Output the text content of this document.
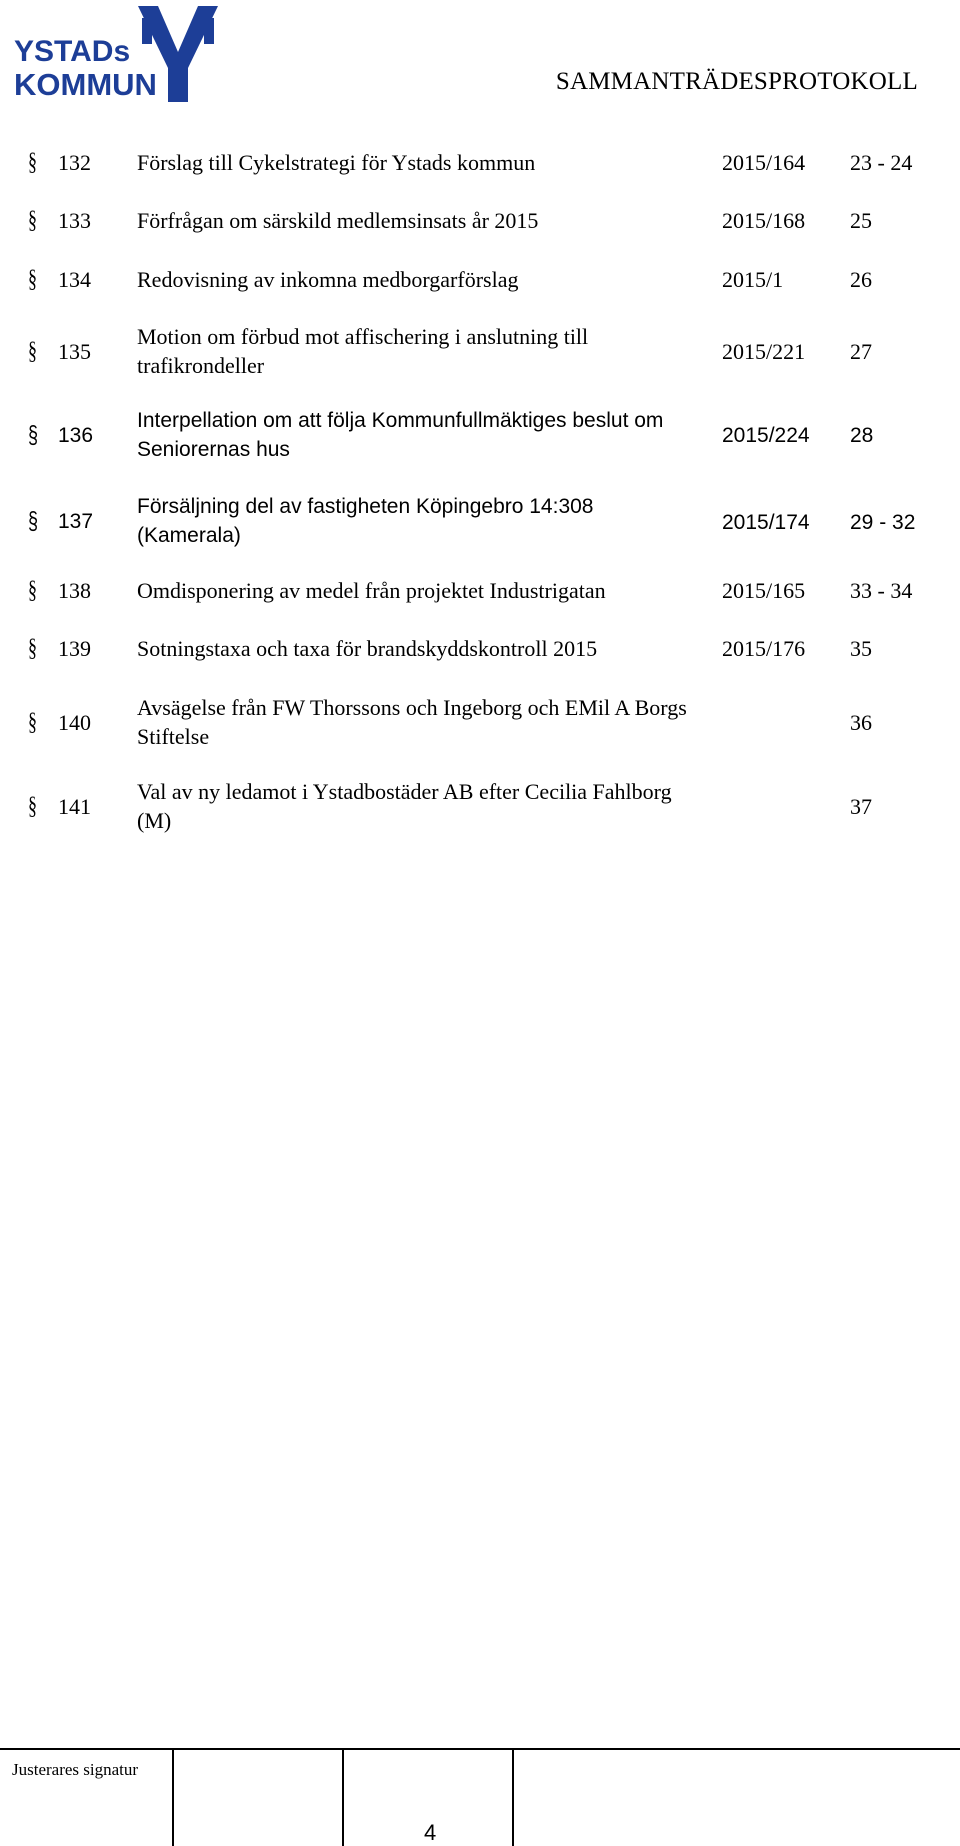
YSTADs
KOMMUN	SAMMANTRÄDESPROTOKOLL
§ 132 Förslag till Cykelstrategi för Ystads kommun	2015/164 23 - 24
§ 133 Förfrågan om särskild medlemsinsats år 2015	2015/168 25
§ 134 Redovisning av inkomna medborgarförslag	2015/1	26
§ 135
Motion om förbud mot affischering i anslutning till trafikrondeller
2015/221 27
§ 136
Interpellation om att följa Kommunfullmäktiges beslut om Seniorernas hus
2015/224 28
§ 137
Försäljning del av fastigheten Köpingebro 14:308 (Kamerala)
2015/174 29 - 32
§ 138 Omdisponering av medel från projektet Industrigatan	2015/165 33 - 34
§ 139 Sotningstaxa och taxa för brandskyddskontroll 2015	2015/176 35
§ 140
Avsägelse från FW Thorssons och Ingeborg och EMil A Borgs Stiftelse
36
§ 141
Val av ny ledamot i Ystadbostäder AB efter Cecilia Fahlborg (M)
37
Justerares signatur
4
